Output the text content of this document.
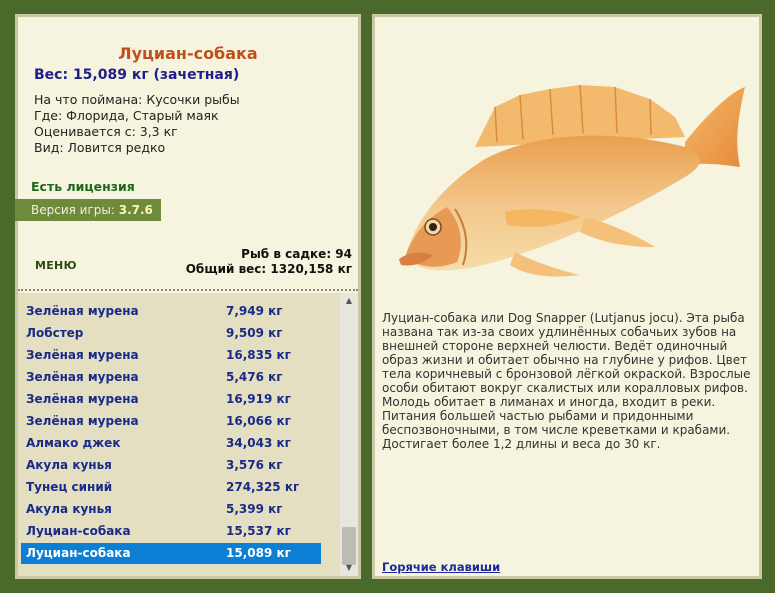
Луциан-собака
Вес: 15,089 кг (зачетная)
На что поймана: Кусочки рыбы
Где: Флорида, Старый маяк
Оценивается с: 3,3 кг
Вид: Ловится редко
Есть лицензия
Версия игры: 3.7.6
МЕНЮ
Рыб в садке: 94
Общий вес: 1320,158 кг
Зелёная мурена	7,949 кг
Лобстер	9,509 кг
Зелёная мурена	16,835 кг
Зелёная мурена	5,476 кг
Зелёная мурена	16,919 кг
Зелёная мурена	16,066 кг
Алмако джек	34,043 кг
Акула кунья	3,576 кг
Тунец синий	274,325 кг
Акула кунья	5,399 кг
Луциан-собака	15,537 кг
Луциан-собака	15,089 кг
▲
▼
Луциан-собака или Dog Snapper (Lutjanus jocu). Эта рыба названа так из-за своих удлинённых собачьих зубов на внешней стороне верхней челюсти. Ведёт одиночный образ жизни и обитает обычно на глубине у рифов. Цвет тела коричневый с бронзовой лёгкой окраской. Взрослые особи обитают вокруг скалистых или коралловых рифов. Молодь обитает в лиманах и иногда, входит в реки. Питания большей частью рыбами и придонными беспозвоночными, в том числе креветками и крабами. Достигает более 1,2 длины и веса до 30 кг.
Горячие клавиши
